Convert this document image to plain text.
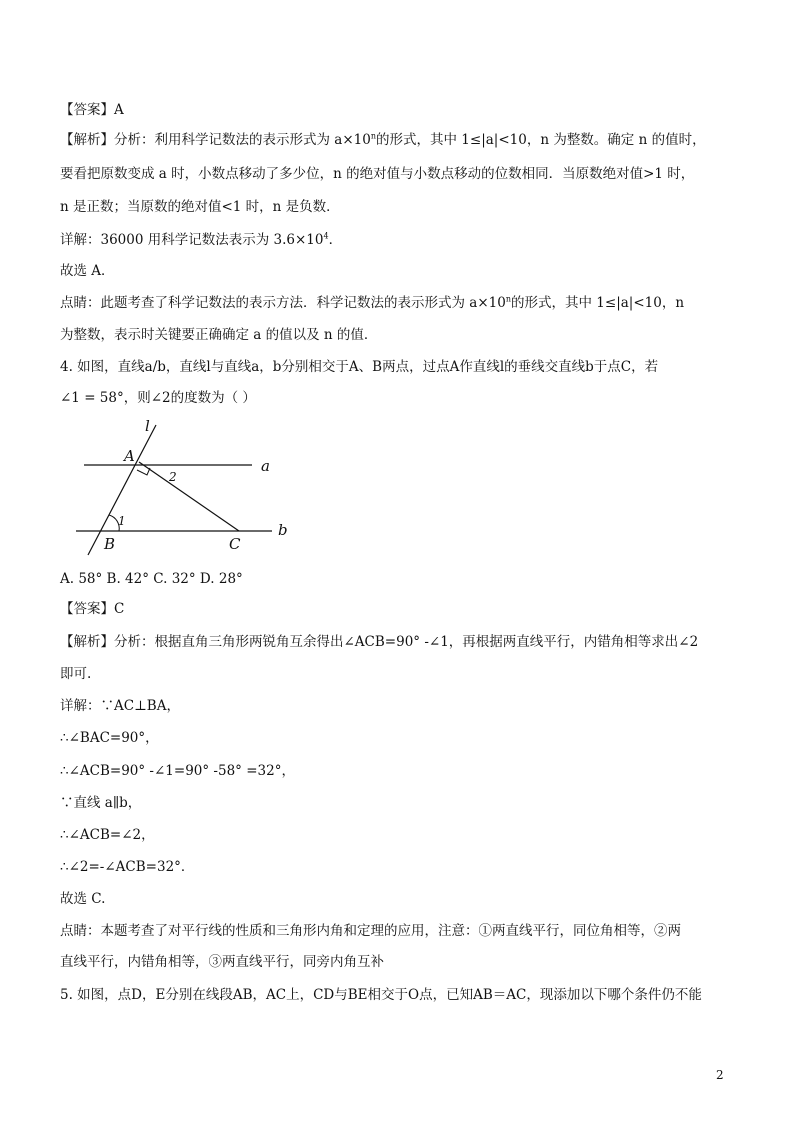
【答案】A
【解析】分析：利用科学记数法的表示形式为 $a\times 10^n$的形式，其中 1≤|a|<10，n 为整数。确定 n 的值时，
要看把原数变成 a 时，小数点移动了多少位，n 的绝对值与小数点移动的位数相同．当原数绝对值>1 时，
n 是正数；当原数的绝对值<1 时，n 是负数．
详解：36000 用科学记数法表示为 $3.6\times 10^4$．
故选 A．
点睛：此题考查了科学记数法的表示方法．科学记数法的表示形式为 $a\times 10^n$的形式，其中 1≤|a|<10，n
为整数，表示时关键要正确确定 a 的值以及 n 的值．
4. 如图，直线a/b，直线l与直线a，b分别相交于A、B两点，过点A作直线l的垂线交直线b于点C，若
∠1 = 58°，则∠2的度数为（ ）
l
a
b
A
B	C
1
2
A. 58° B. 42° C. 32° D. 28°
【答案】C
【解析】分析：根据直角三角形两锐角互余得出∠ACB=90° -∠1，再根据两直线平行，内错角相等求出∠2
即可.
详解：∵AC⊥BA，
∴∠BAC=90°，
∴∠ACB=90° -∠1=90° -58° =32°，
∵直线 a∥b，
∴∠ACB=∠2，
∴∠2=-∠ACB=32°．
故选 C.
点睛：本题考查了对平行线的性质和三角形内角和定理的应用，注意：①两直线平行，同位角相等，②两
直线平行，内错角相等，③两直线平行，同旁内角互补
5. 如图，点D，E分别在线段AB，AC上，CD与BE相交于O点，已知AB＝AC，现添加以下哪个条件仍不能
2
